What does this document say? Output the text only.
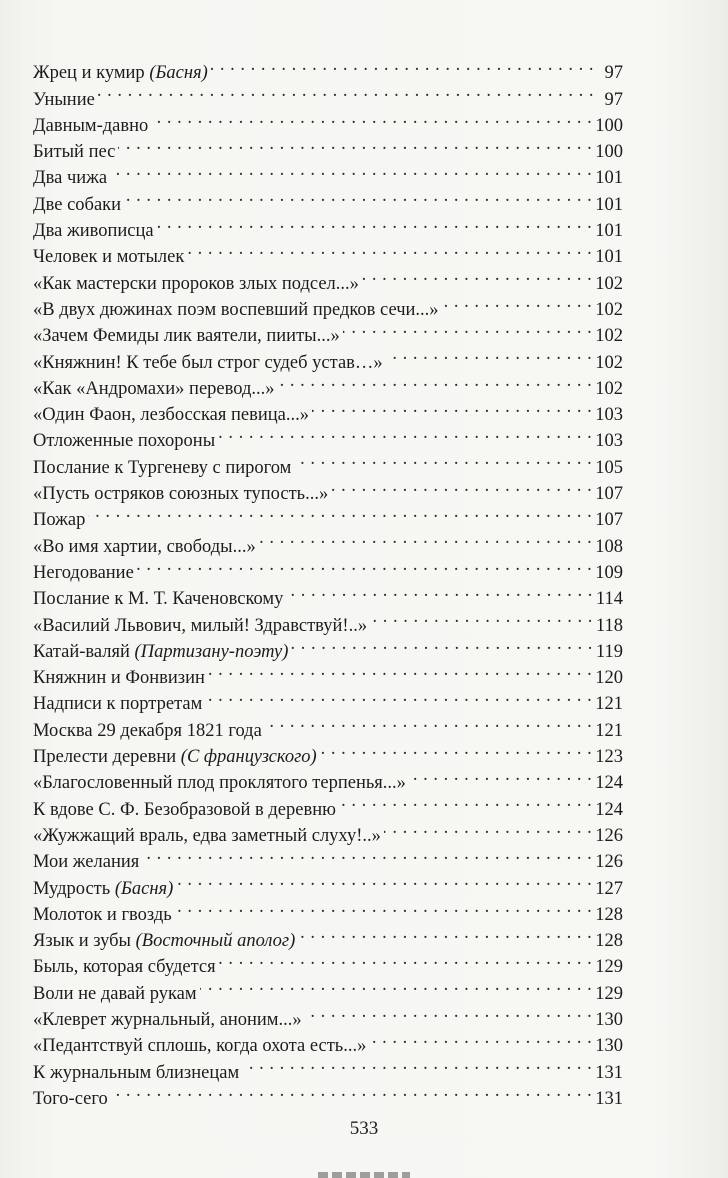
Жрец и кумир (Басня) . . .	97
Уныние . . .	97
Давным-давно . . .	100
Битый пес . . .	100
Два чижа . . .	101
Две собаки . . .	101
Два живописца . . .	101
Человек и мотылек . . .	101
«Как мастерски пророков злых подсел...» . . .	102
«В двух дюжинах поэм воспевший предков сечи...» . . .	102
«Зачем Фемиды лик ваятели, пииты...» . . .	102
«Княжнин! К тебе был строг судеб устав…» . . .	102
«Как «Андромахи» перевод...» . . .	102
«Один Фаон, лезбосская певица...» . . .	103
Отложенные похороны . . .	103
Послание к Тургеневу с пирогом . . .	105
«Пусть остряков союзных тупость...» . . .	107
Пожар . . .	107
«Во имя хартии, свободы...» . . .	108
Негодование . . .	109
Послание к М. Т. Каченовскому . . .	114
«Василий Львович, милый! Здравствуй!..» . . .	118
Катай-валяй (Партизану-поэту) . . .	119
Княжнин и Фонвизин . . .	120
Надписи к портретам . . .	121
Москва 29 декабря 1821 года . . .	121
Прелести деревни (С французского) . . .	123
«Благословенный плод проклятого терпенья...» . . .	124
К вдове С. Ф. Безобразовой в деревню . . .	124
«Жужжащий враль, едва заметный слуху!..» . . .	126
Мои желания . . .	126
Мудрость (Басня) . . .	127
Молоток и гвоздь . . .	128
Язык и зубы (Восточный аполог) . . .	128
Быль, которая сбудется . . .	129
Воли не давай рукам . . .	129
«Клеврет журнальный, аноним...» . . .	130
«Педантствуй сплошь, когда охота есть...» . . .	130
К журнальным близнецам . . .	131
Того-сего . . .	131
533
